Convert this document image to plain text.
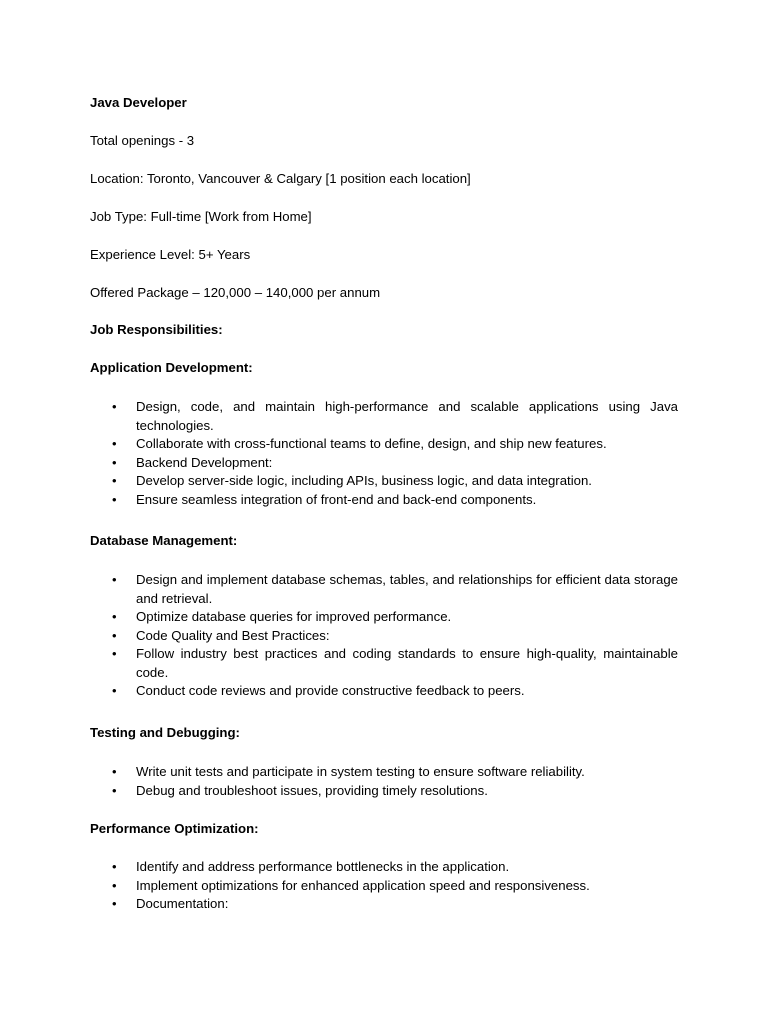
Java Developer
Total openings - 3
Location: Toronto, Vancouver & Calgary [1 position each location]
Job Type: Full-time [Work from Home]
Experience Level: 5+ Years
Offered Package – 120,000 – 140,000 per annum
Job Responsibilities:
Application Development:
• Design, code, and maintain high-performance and scalable applications using Java technologies.
• Collaborate with cross-functional teams to define, design, and ship new features.
• Backend Development:
• Develop server-side logic, including APIs, business logic, and data integration.
• Ensure seamless integration of front-end and back-end components.
Database Management:
• Design and implement database schemas, tables, and relationships for efficient data storage and retrieval.
• Optimize database queries for improved performance.
• Code Quality and Best Practices:
• Follow industry best practices and coding standards to ensure high-quality, maintainable code.
• Conduct code reviews and provide constructive feedback to peers.
Testing and Debugging:
• Write unit tests and participate in system testing to ensure software reliability.
• Debug and troubleshoot issues, providing timely resolutions.
Performance Optimization:
• Identify and address performance bottlenecks in the application.
• Implement optimizations for enhanced application speed and responsiveness.
• Documentation:
